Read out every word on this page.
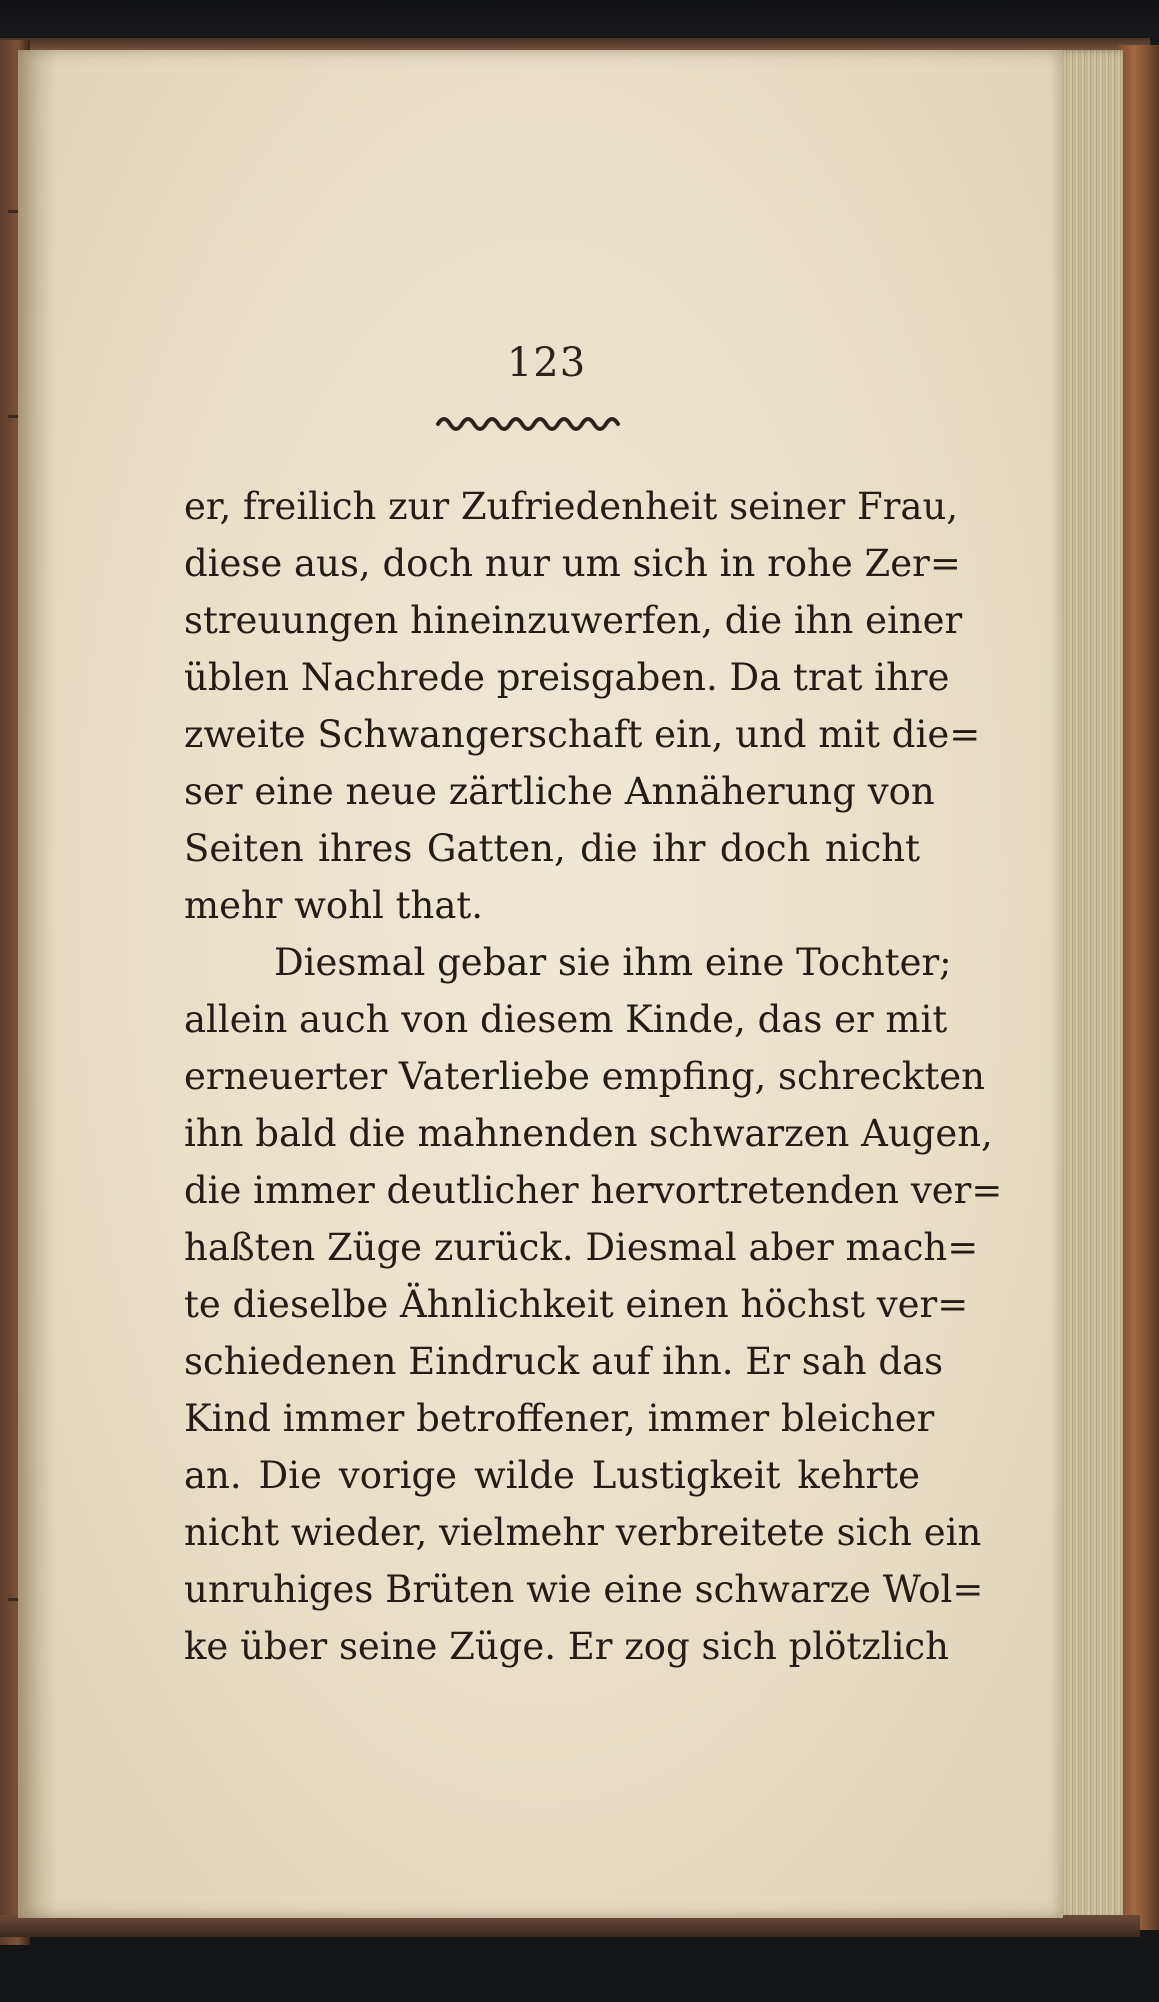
123
er, freilich zur Zufriedenheit seiner Frau,
diese aus, doch nur um sich in rohe Zer=
streuungen hineinzuwerfen, die ihn einer
üblen Nachrede preisgaben. Da trat ihre
zweite Schwangerschaft ein, und mit die=
ser eine neue zärtliche Annäherung von
Seiten ihres Gatten, die ihr doch nicht
mehr wohl that.
Diesmal gebar sie ihm eine Tochter;
allein auch von diesem Kinde, das er mit
erneuerter Vaterliebe empfing, schreckten
ihn bald die mahnenden schwarzen Augen,
die immer deutlicher hervortretenden ver=
haßten Züge zurück. Diesmal aber mach=
te dieselbe Ähnlichkeit einen höchst ver=
schiedenen Eindruck auf ihn. Er sah das
Kind immer betroffener, immer bleicher
an. Die vorige wilde Lustigkeit kehrte
nicht wieder, vielmehr verbreitete sich ein
unruhiges Brüten wie eine schwarze Wol=
ke über seine Züge. Er zog sich plötzlich
